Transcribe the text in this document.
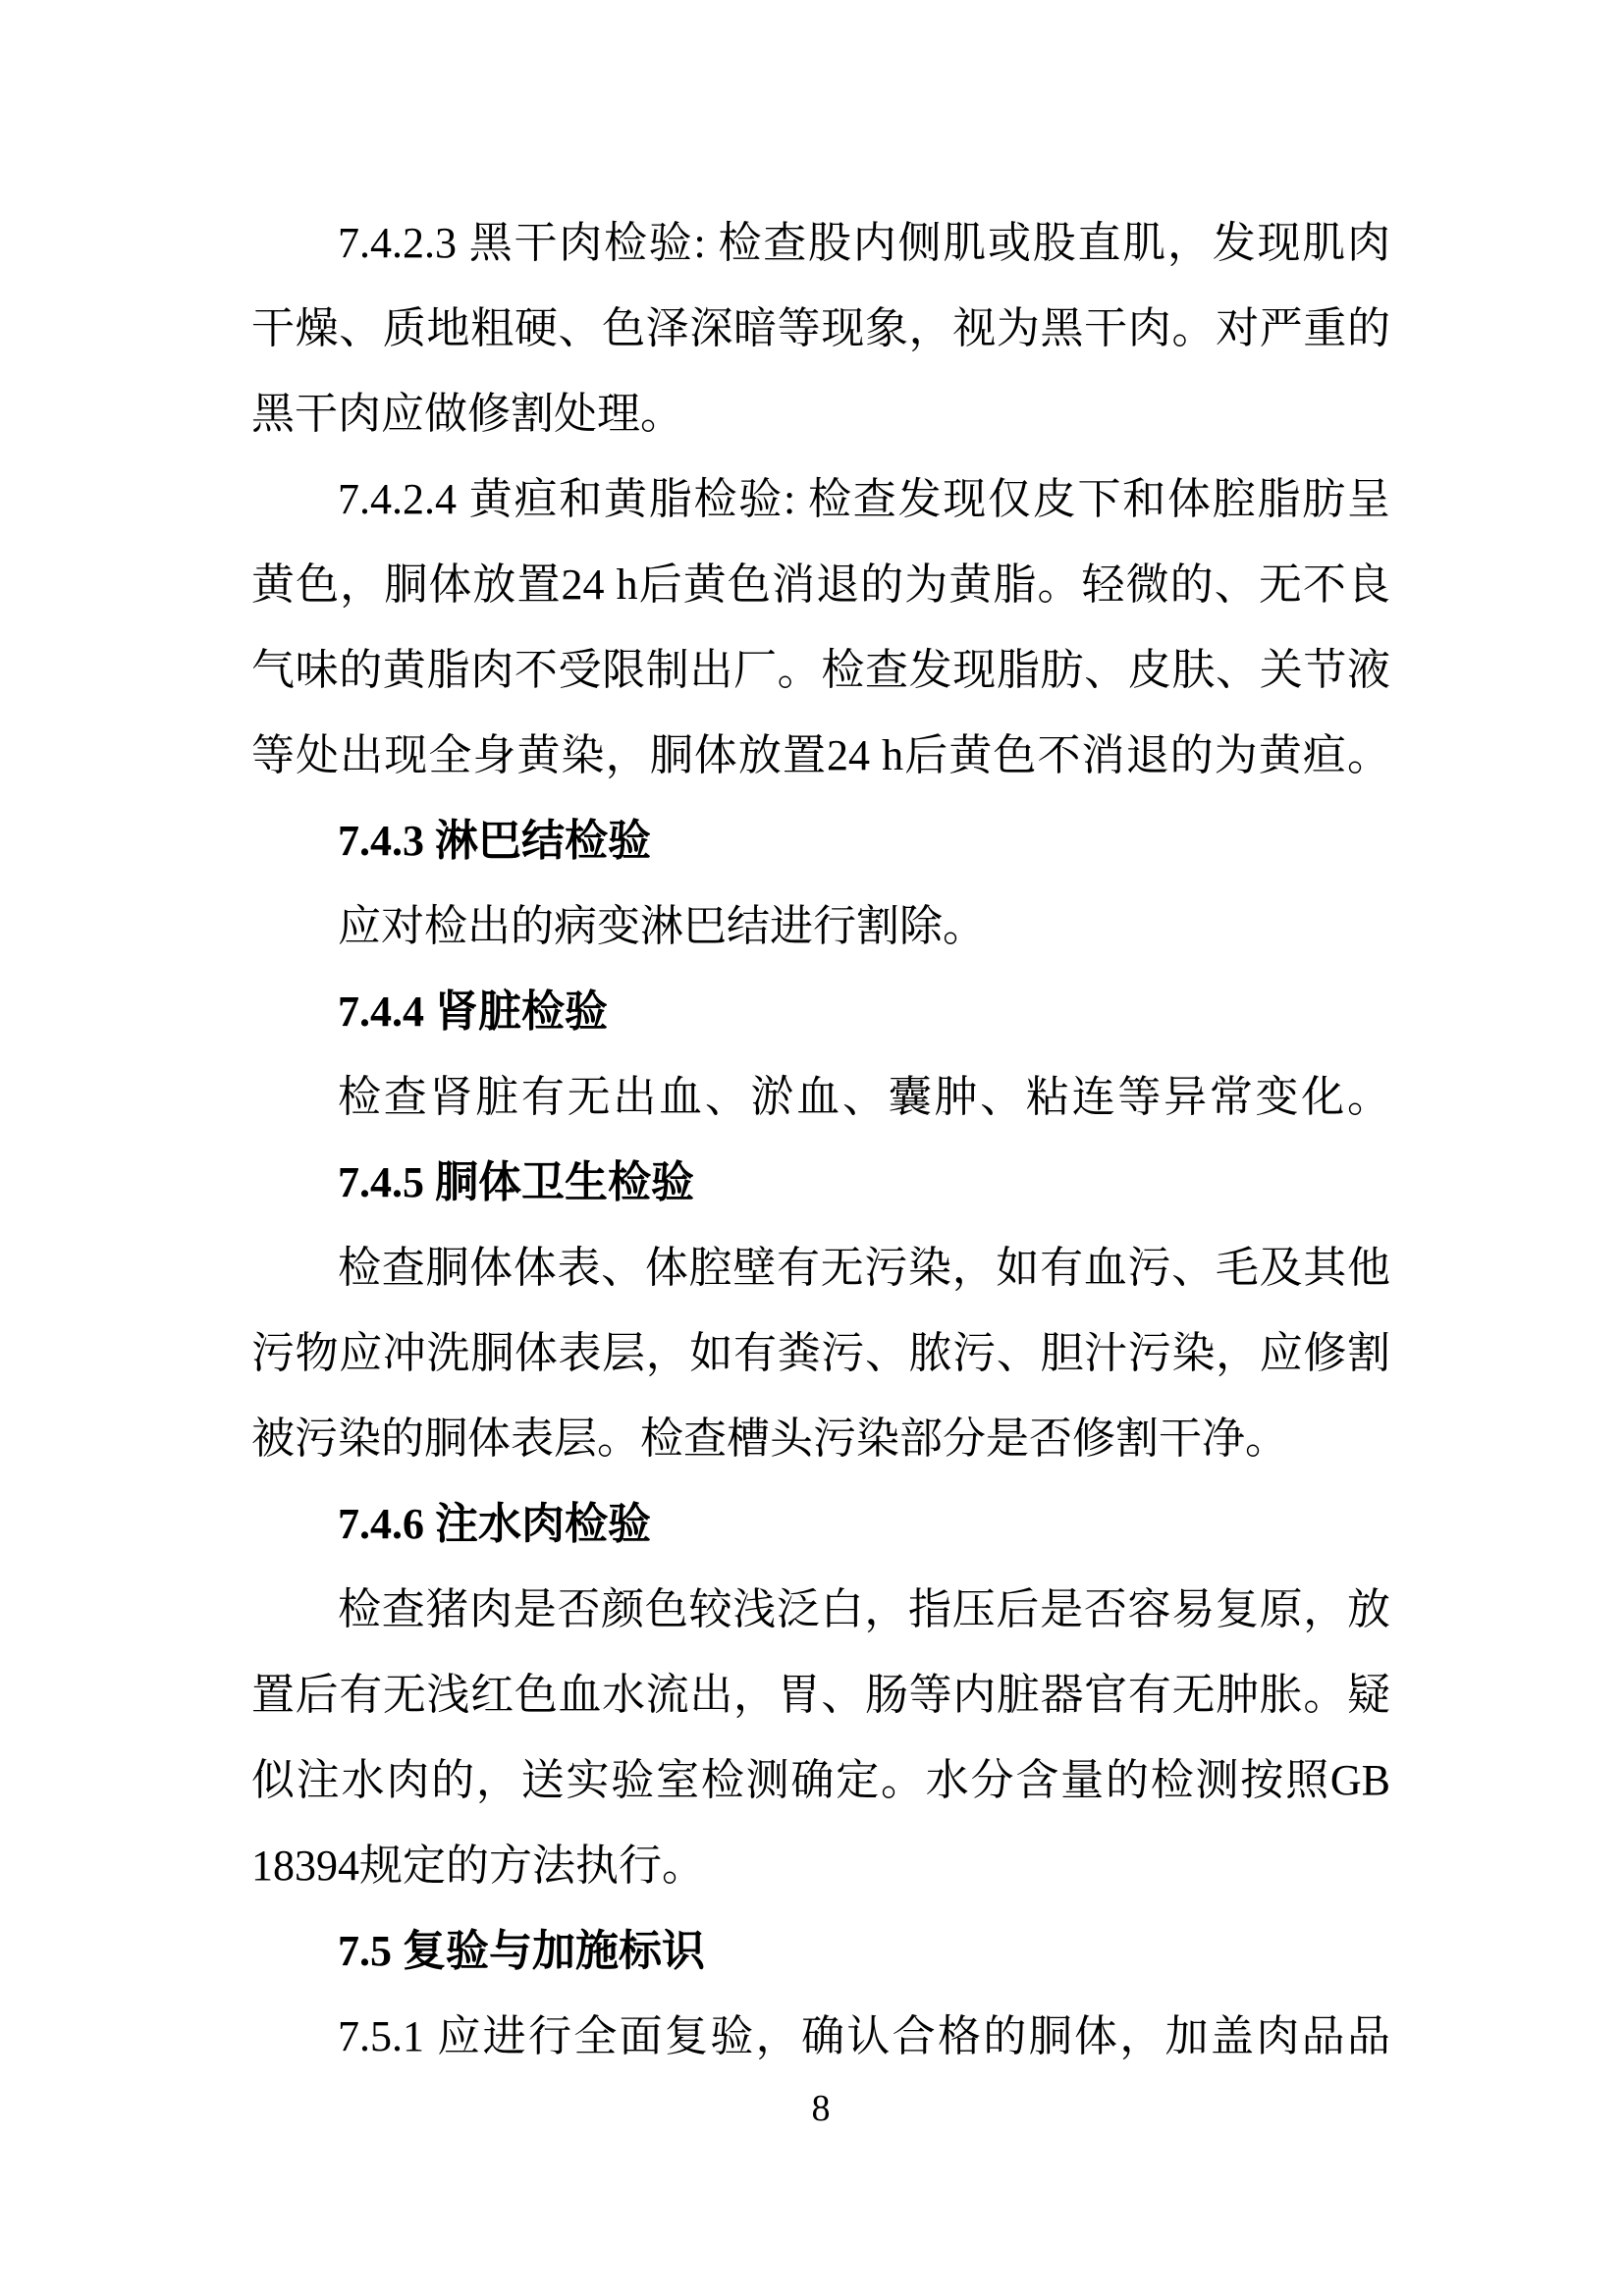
7.4.2.3 黑干肉检验: 检查股内侧肌或股直肌，发现肌肉
干燥、质地粗硬、色泽深暗等现象，视为黑干肉。对严重的
黑干肉应做修割处理。
7.4.2.4 黄疸和黄脂检验: 检查发现仅皮下和体腔脂肪呈
黄色，胴体放置24 h后黄色消退的为黄脂。轻微的、无不良
气味的黄脂肉不受限制出厂。检查发现脂肪、皮肤、关节液
等处出现全身黄染，胴体放置24 h后黄色不消退的为黄疸。
7.4.3 淋巴结检验
应对检出的病变淋巴结进行割除。
7.4.4 肾脏检验
检查肾脏有无出血、淤血、囊肿、粘连等异常变化。
7.4.5 胴体卫生检验
检查胴体体表、体腔壁有无污染，如有血污、毛及其他
污物应冲洗胴体表层，如有粪污、脓污、胆汁污染，应修割
被污染的胴体表层。检查槽头污染部分是否修割干净。
7.4.6 注水肉检验
检查猪肉是否颜色较浅泛白，指压后是否容易复原，放
置后有无浅红色血水流出，胃、肠等内脏器官有无肿胀。疑
似注水肉的，送实验室检测确定。水分含量的检测按照GB
18394规定的方法执行。
7.5 复验与加施标识
7.5.1 应进行全面复验，确认合格的胴体，加盖肉品品
8
